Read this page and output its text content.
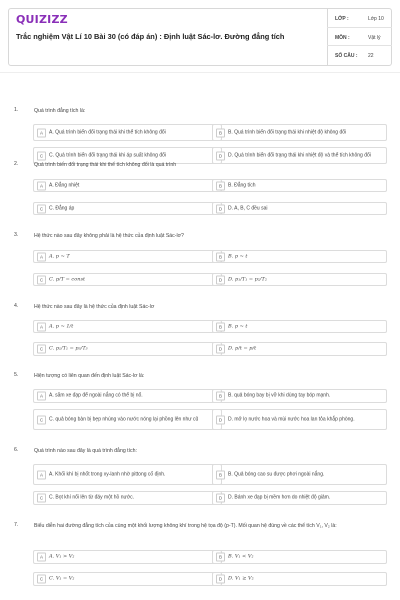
QUIZIZZ
Trắc nghiệm Vật Lí 10 Bài 30 (có đáp án) : Định luật Sác-lơ. Đường đẳng tích
LỚP :	Lớp 10
MÔN :	Vật lý
SỐ CÂU : 22
1.	Quá trình đẳng tích là:
A	A. Quá trình biến đổi trạng thái khi thể tích không đổi	B	B. Quá trình biến đổi trạng thái khi nhiệt độ không đổi
C	C. Quá trình biến đổi trạng thái khi áp suất không đổi	D	D. Quá trình biến đổi trạng thái khi nhiệt độ và thể tích không đổi
2.	Quá trình biến đổi trạng thái khi thể tích không đổi là quá trình
A	A. Đẳng nhiệt	B	B. Đẳng tích
C	C. Đẳng áp	D	D. A, B, C đều sai
3.	Hệ thức nào sau đây không phải là hệ thức của định luật Sác-lơ?
A	A. p ~ T	B	B. p ~ t
C	C. p/T = const	D	D. p₁/T₁ = p₂/T₂
4.	Hệ thức nào sau đây là hệ thức của định luật Sác-lơ
A	A. p ~ 1/t	B	B. p ~ t
C	C. p₁/T₁ = p₃/T₃	D	D. p/t = p/t
5.	Hiện tượng có liên quan đến định luật Sác-lơ là:
A	A. săm xe đạp để ngoài nắng có thể bị nổ.	B	B. quả bóng bay bị vỡ khi dùng tay bóp mạnh.
C	C. quả bóng bàn bị bẹp nhúng vào nước nóng lại phồng lên như cũ	D	D. mở lọ nước hoa và mùi nước hoa lan tỏa khắp phòng.
6.	Quá trình nào sau đây là quá trình đẳng tích:
A	A. Khối khí bị nhốt trong xy-lanh nhờ pittong cố định.	B	B. Quả bóng cao su được phơi ngoài nắng.
C	C. Bọt khí nổi lên từ đáy một hồ nước.	D	D. Bánh xe đạp bị mềm hơn do nhiệt độ giảm.
7.	Biểu diễn hai đường đẳng tích của cùng một khối lượng không khí trong hệ tọa độ (p-T). Mối quan hệ đúng về các thể tích V₁, V₂ là:
A	A. V₁ > V₂	B	B. V₁ < V₂
C	C. V₁ = V₂	D	D. V₁ ≥ V₂
